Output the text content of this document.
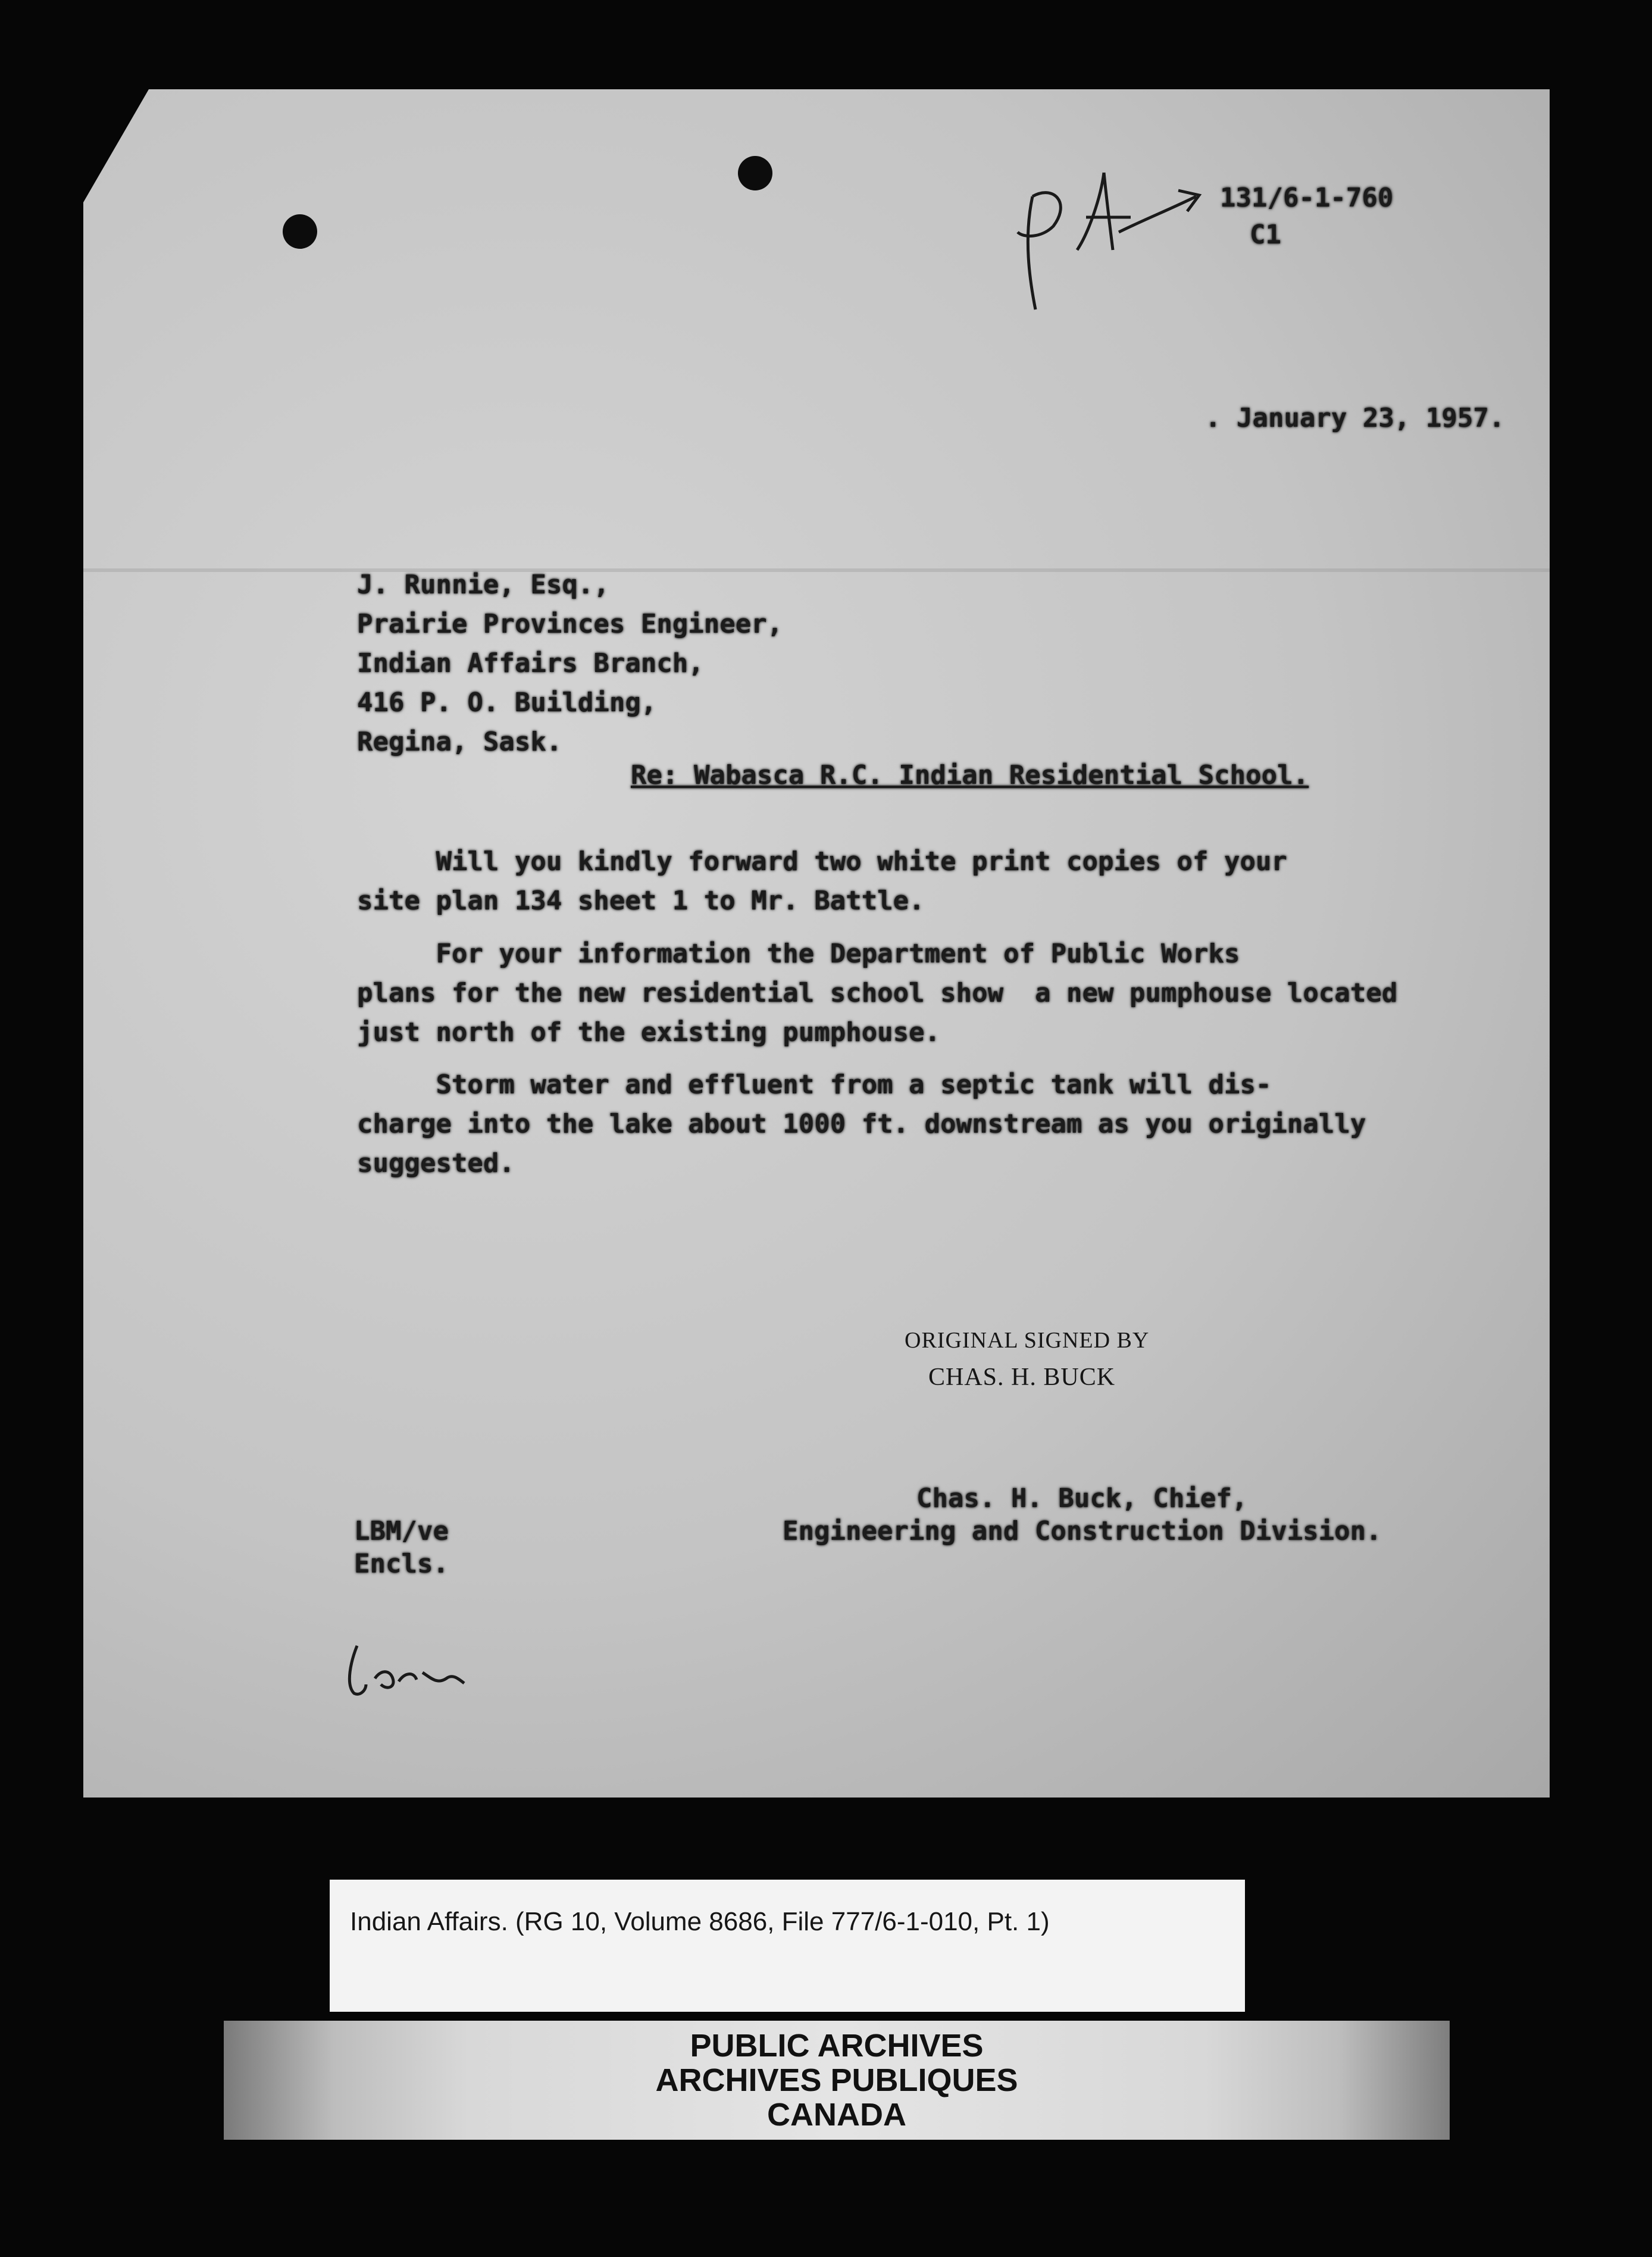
131/6-1-760
C1
. January 23, 1957.
J. Runnie, Esq.,
Prairie Provinces Engineer,
Indian Affairs Branch,
416 P. O. Building,
Regina, Sask.
Re: Wabasca R.C. Indian Residential School.
Will you kindly forward two white print copies of your
site plan 134 sheet 1 to Mr. Battle.
For your information the Department of Public Works
plans for the new residential school show  a new pumphouse located
just north of the existing pumphouse.
Storm water and effluent from a septic tank will dis-
charge into the lake about 1000 ft. downstream as you originally
suggested.
ORIGINAL SIGNED BY
CHAS. H. BUCK
Chas. H. Buck, Chief,
Engineering and Construction Division.
LBM/ve
Encls.
Indian Affairs. (RG 10, Volume 8686, File 777/6-1-010, Pt. 1)
PUBLIC ARCHIVES
ARCHIVES PUBLIQUES
CANADA
